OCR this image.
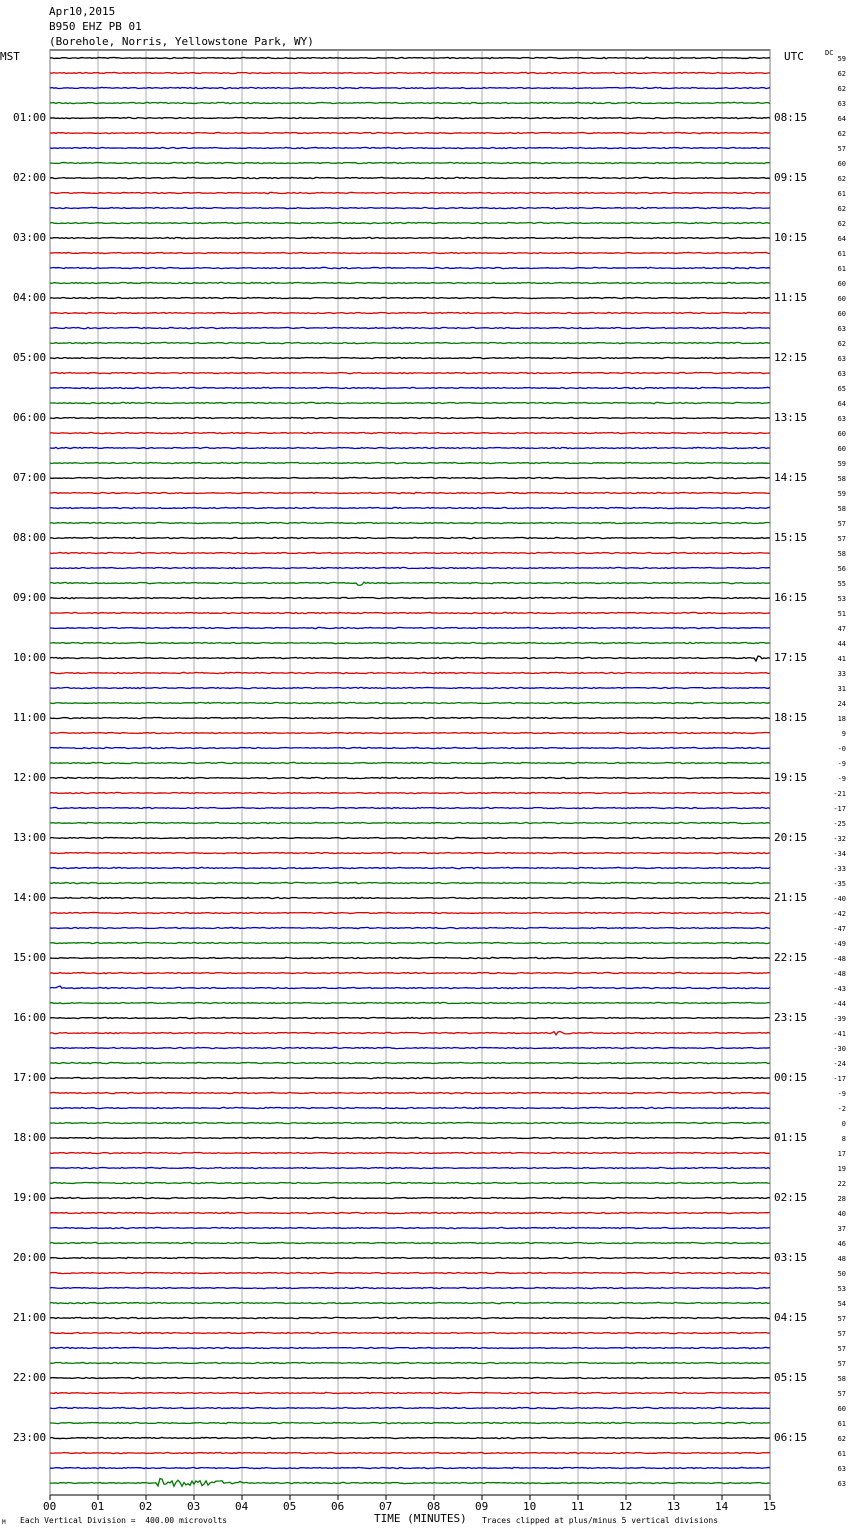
Apr10,2015
B950 EHZ PB 01
(Borehole, Norris, Yellowstone Park, WY)
MST	UTC	DC
00	01	02	03	04	05	06	07	08	09	10	11	12	13	14	15
59
62
62
63
64
62
57
60
62
61
62
62
64
61
61
60
60
60
63
62
63
63
65
64
63
60
60
59
58
59
58
57
57
58
56
55
53
51
47
44
41
33
31
24
18
9
-0
-9
-9
-21
-17
-25
-32
-34
-33
-35
-40
-42
-47
-49
-48
-48
-43
-44
-39
-41
-30
-24
-17
-9
-2
0
8
17
19
22
28
40
37
46
48
50
53
54
57
57
57
57
58
57
60
61
62
61
63
63
01:00	08:15
02:00	09:15
03:00	10:15
04:00	11:15
05:00	12:15
06:00	13:15
07:00	14:15
08:00	15:15
09:00	16:15
10:00	17:15
11:00	18:15
12:00	19:15
13:00	20:15
14:00	21:15
15:00	22:15
16:00	23:15
17:00	00:15
18:00	01:15
19:00	02:15
20:00	03:15
21:00	04:15
22:00	05:15
23:00	06:15
TIME (MINUTES)
Each Vertical Division =  400.00 microvolts	Traces clipped at plus/minus 5 vertical divisions
M
